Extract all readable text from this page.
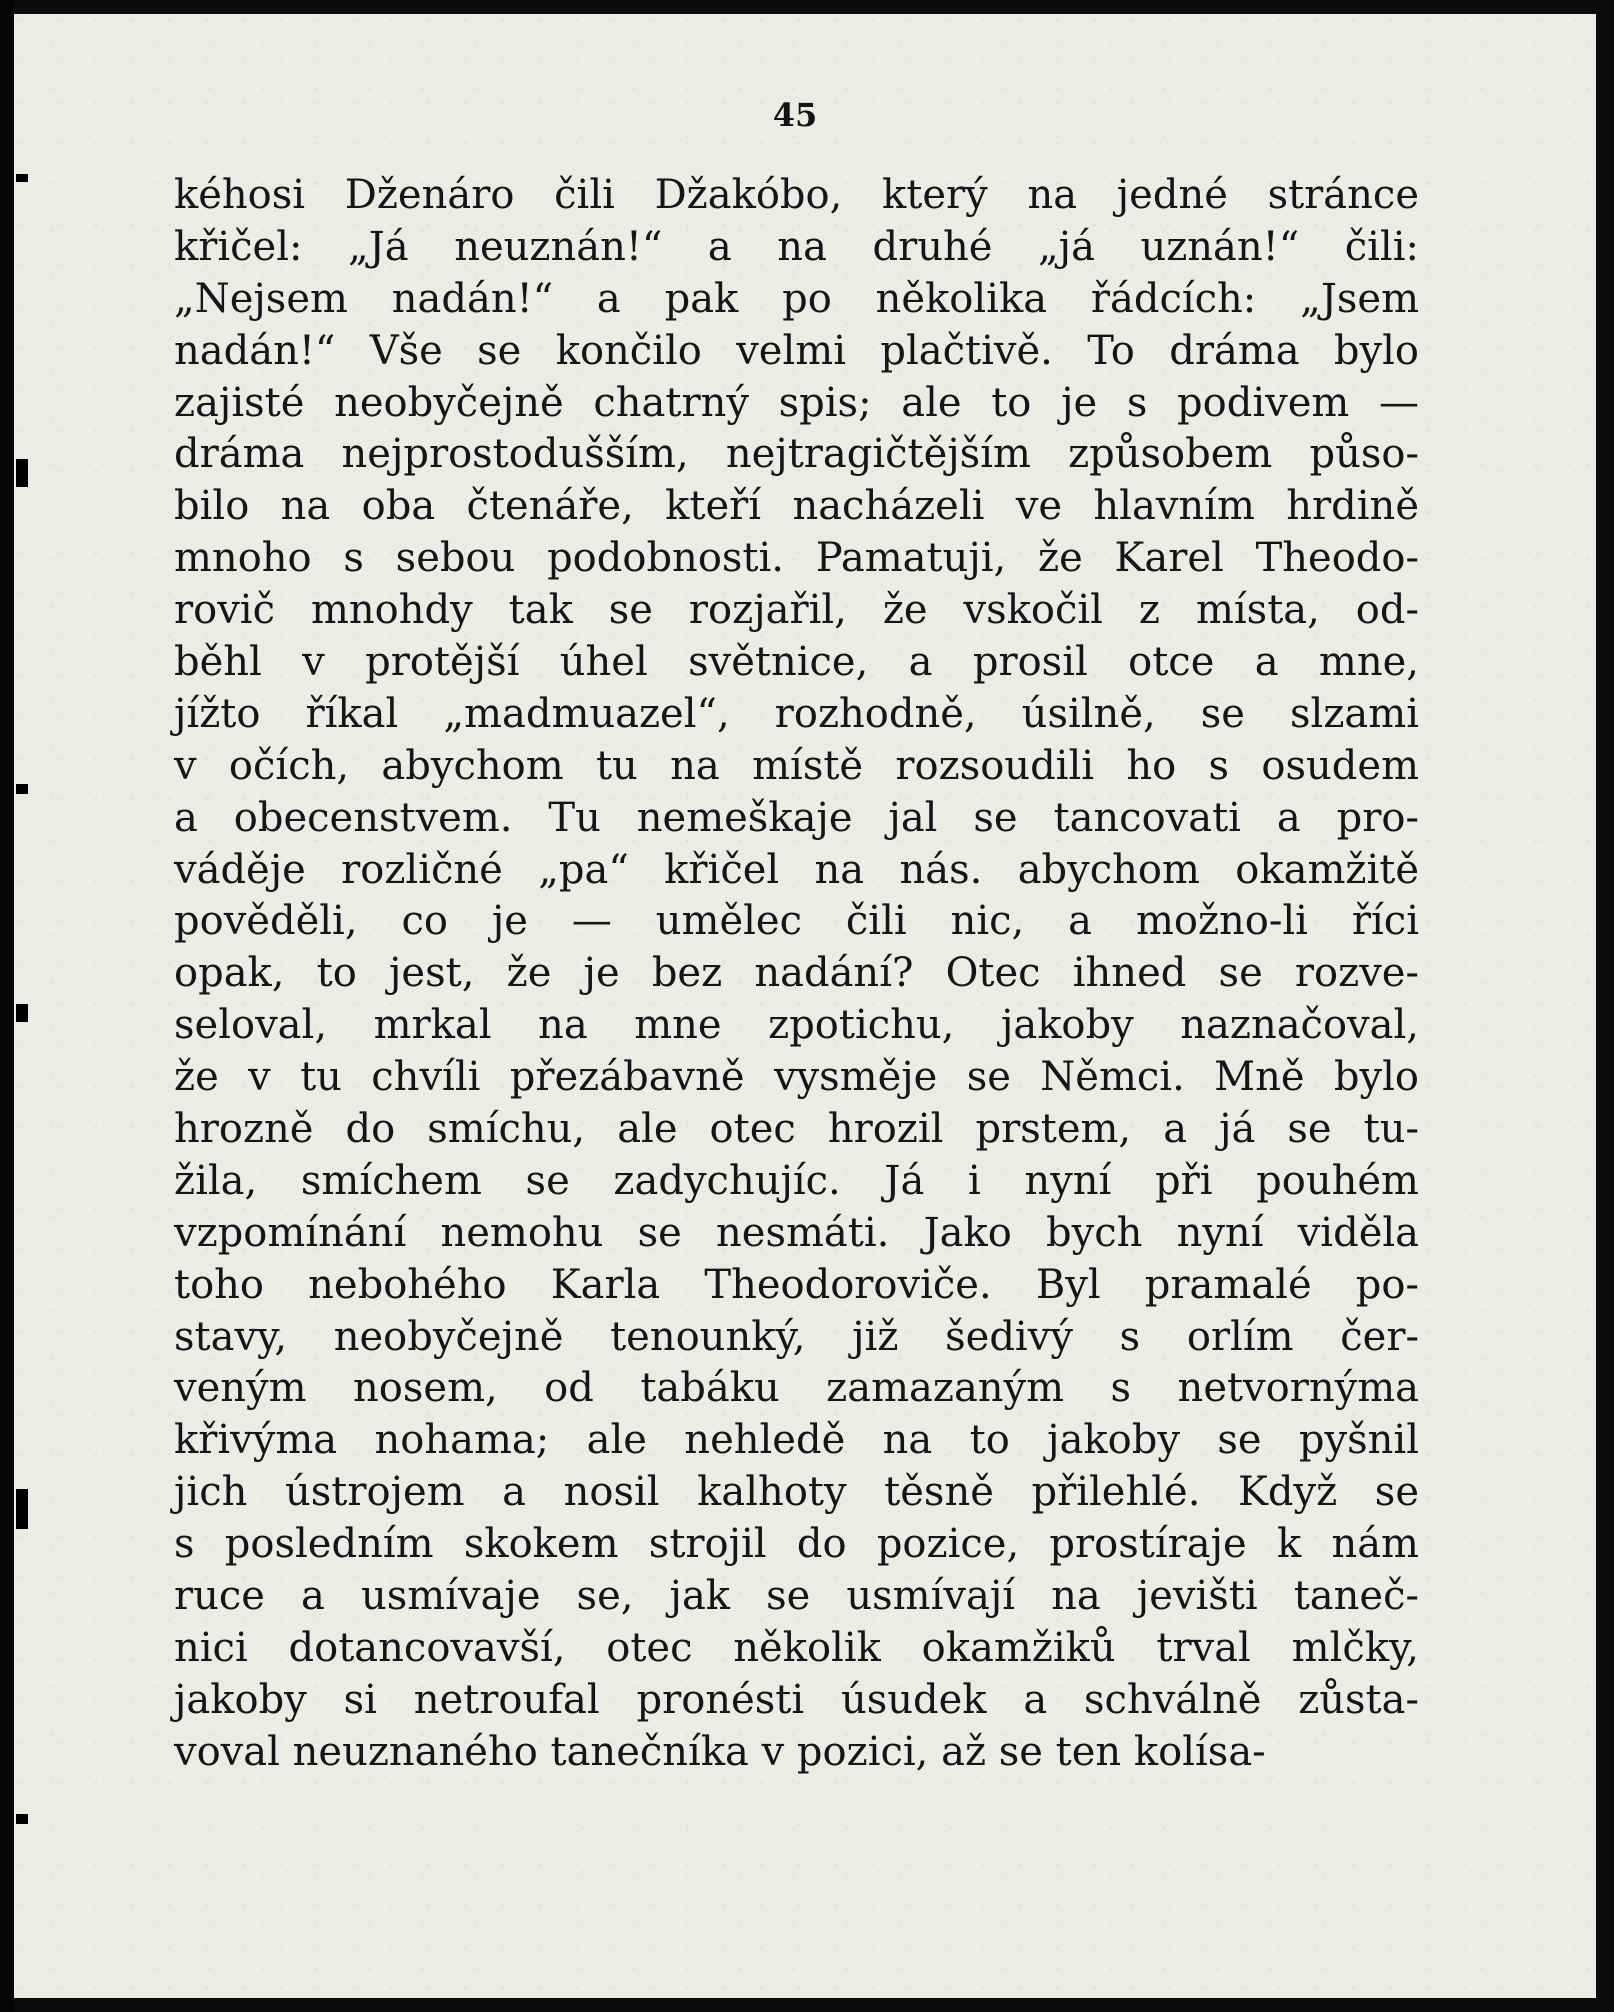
45
kéhosi Dženáro čili Džakóbo, který na jedné stránce
křičel: „Já neuznán!“ a na druhé „já uznán!“ čili:
„Nejsem nadán!“ a pak po několika řádcích: „Jsem
nadán!“ Vše se končilo velmi plačtivě. To dráma bylo
zajisté neobyčejně chatrný spis; ale to je s podivem —
dráma nejprostodušším, nejtragičtějším způsobem půso-
bilo na oba čtenáře, kteří nacházeli ve hlavním hrdině
mnoho s sebou podobnosti. Pamatuji, že Karel Theodo-
rovič mnohdy tak se rozjařil, že vskočil z místa, od-
běhl v protější úhel světnice, a prosil otce a mne,
jížto říkal „madmuazel“, rozhodně, úsilně, se slzami
v očích, abychom tu na místě rozsoudili ho s osudem
a obecenstvem. Tu nemeškaje jal se tancovati a pro-
váděje rozličné „pa“ křičel na nás. abychom okamžitě
pověděli, co je — umělec čili nic, a možno-li říci
opak, to jest, že je bez nadání? Otec ihned se rozve-
seloval, mrkal na mne zpotichu, jakoby naznačoval,
že v tu chvíli přezábavně vysměje se Němci. Mně bylo
hrozně do smíchu, ale otec hrozil prstem, a já se tu-
žila, smíchem se zadychujíc. Já i nyní při pouhém
vzpomínání nemohu se nesmáti. Jako bych nyní viděla
toho nebohého Karla Theodoroviče. Byl pramalé po-
stavy, neobyčejně tenounký, již šedivý s orlím čer-
veným nosem, od tabáku zamazaným s netvornýma
křivýma nohama; ale nehledě na to jakoby se pyšnil
jich ústrojem a nosil kalhoty těsně přilehlé. Když se
s posledním skokem strojil do pozice, prostíraje k nám
ruce a usmívaje se, jak se usmívají na jevišti taneč-
nici dotancovavší, otec několik okamžiků trval mlčky,
jakoby si netroufal pronésti úsudek a schválně zůsta-
voval neuznaného tanečníka v pozici, až se ten kolísa-
